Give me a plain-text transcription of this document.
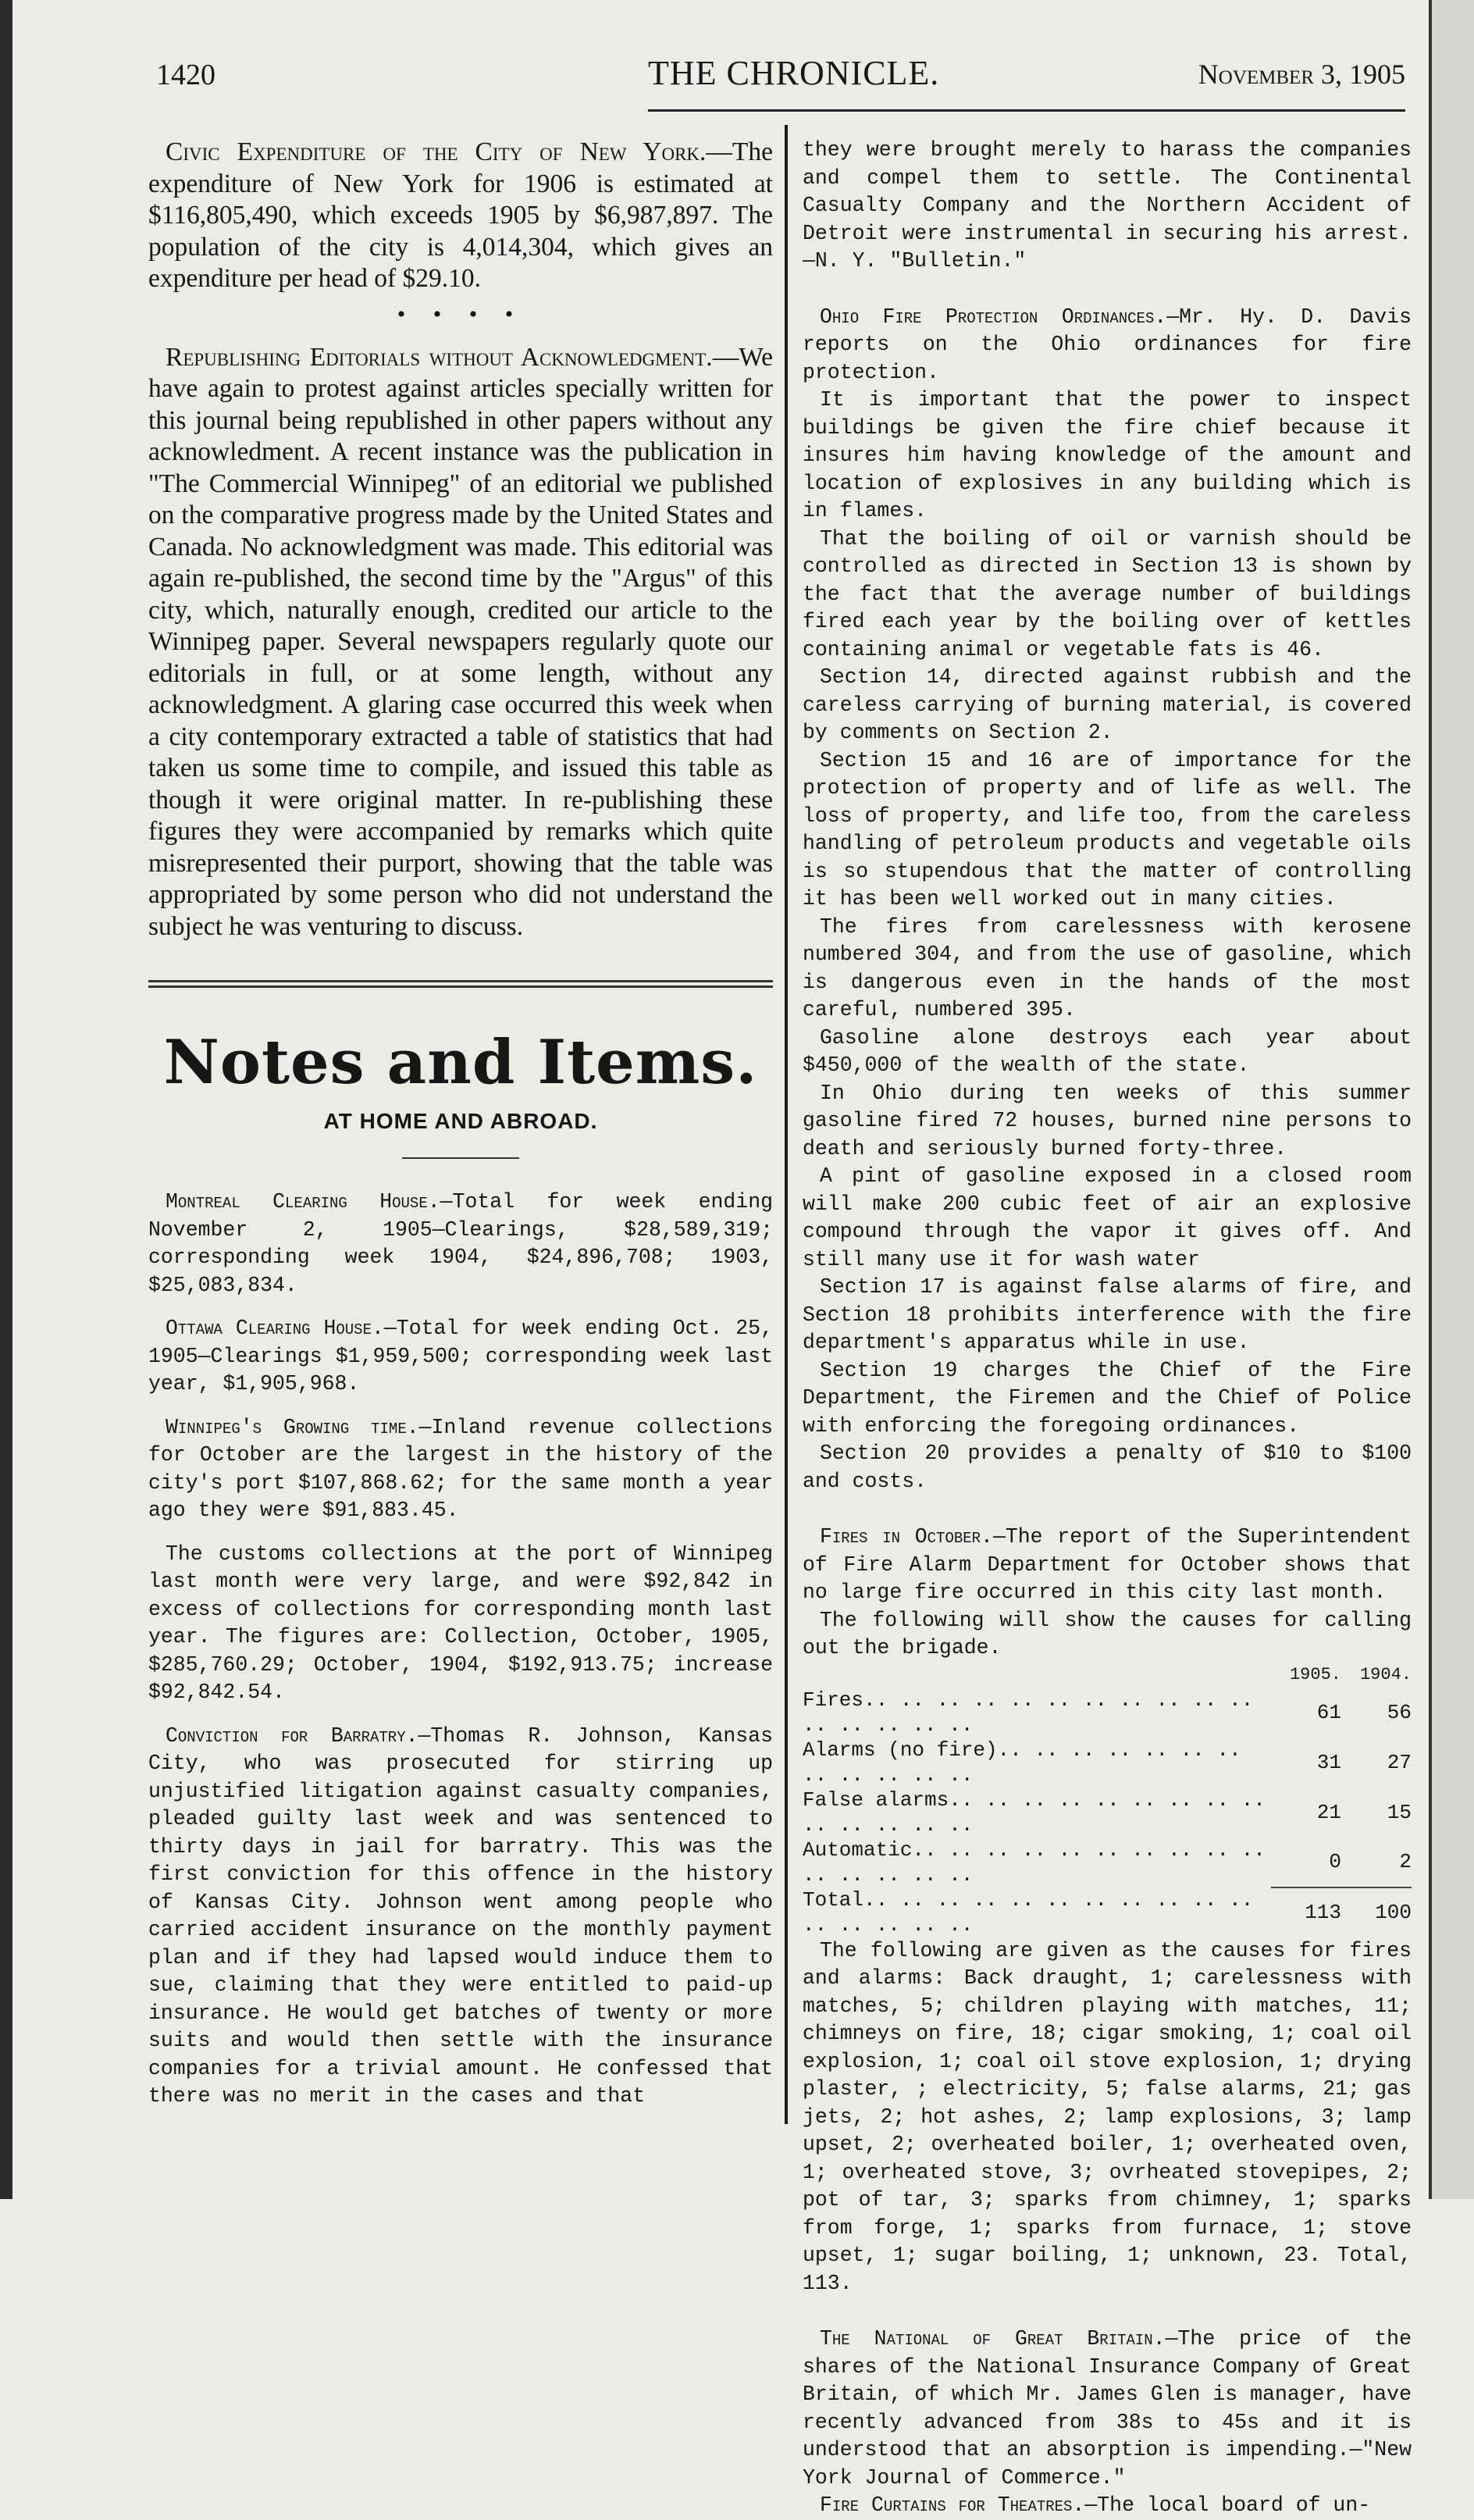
1420	THE CHRONICLE.	November 3, 1905

Civic Expenditure of the City of New York.—The expenditure of New York for 1906 is estimated at $116,805,490, which exceeds 1905 by $6,987,897. The population of the city is 4,014,304, which gives an expenditure per head of $29.10.

• • • •

Republishing Editorials without Acknowledgment.—We have again to protest against articles specially written for this journal being republished in other papers without any acknowledment. A recent instance was the publication in "The Commercial Winnipeg" of an editorial we published on the comparative progress made by the United States and Canada. No acknowledgment was made. This editorial was again re-published, the second time by the "Argus" of this city, which, naturally enough, credited our article to the Winnipeg paper. Several newspapers regularly quote our editorials in full, or at some length, without any acknowledgment. A glaring case occurred this week when a city contemporary extracted a table of statistics that had taken us some time to compile, and issued this table as though it were original matter. In re-publishing these figures they were accompanied by remarks which quite misrepresented their purport, showing that the table was appropriated by some person who did not understand the subject he was venturing to discuss.

Notes and Items.
AT HOME AND ABROAD.

Montreal Clearing House.—Total for week ending November 2, 1905—Clearings, $28,589,319; corresponding week 1904, $24,896,708; 1903, $25,083,834.

Ottawa Clearing House.—Total for week ending Oct. 25, 1905—Clearings $1,959,500; corresponding week last year, $1,905,968.

Winnipeg's Growing time.—Inland revenue collections for October are the largest in the history of the city's port $107,868.62; for the same month a year ago they were $91,883.45.

The customs collections at the port of Winnipeg last month were very large, and were $92,842 in excess of collections for corresponding month last year. The figures are: Collection, October, 1905, $285,760.29; October, 1904, $192,913.75; increase $92,842.54.

Conviction for Barratry.—Thomas R. Johnson, Kansas City, who was prosecuted for stirring up unjustified litigation against casualty companies, pleaded guilty last week and was sentenced to thirty days in jail for barratry. This was the first conviction for this offence in the history of Kansas City. Johnson went among people who carried accident insurance on the monthly payment plan and if they had lapsed would induce them to sue, claiming that they were entitled to paid-up insurance. He would get batches of twenty or more suits and would then settle with the insurance companies for a trivial amount. He confessed that there was no merit in the cases and that

they were brought merely to harass the companies and compel them to settle. The Continental Casualty Company and the Northern Accident of Detroit were instrumental in securing his arrest.—N. Y. "Bulletin."

Ohio Fire Protection Ordinances.—Mr. Hy. D. Davis reports on the Ohio ordinances for fire protection.

It is important that the power to inspect buildings be given the fire chief because it insures him having knowledge of the amount and location of explosives in any building which is in flames.

That the boiling of oil or varnish should be controlled as directed in Section 13 is shown by the fact that the average number of buildings fired each year by the boiling over of kettles containing animal or vegetable fats is 46.

Section 14, directed against rubbish and the careless carrying of burning material, is covered by comments on Section 2.

Section 15 and 16 are of importance for the protection of property and of life as well. The loss of property, and life too, from the careless handling of petroleum products and vegetable oils is so stupendous that the matter of controlling it has been well worked out in many cities.

The fires from carelessness with kerosene numbered 304, and from the use of gasoline, which is dangerous even in the hands of the most careful, numbered 395.

Gasoline alone destroys each year about $450,000 of the wealth of the state.

In Ohio during ten weeks of this summer gasoline fired 72 houses, burned nine persons to death and seriously burned forty-three.

A pint of gasoline exposed in a closed room will make 200 cubic feet of air an explosive compound through the vapor it gives off. And still many use it for wash water

Section 17 is against false alarms of fire, and Section 18 prohibits interference with the fire department's apparatus while in use.

Section 19 charges the Chief of the Fire Department, the Firemen and the Chief of Police with enforcing the foregoing ordinances.

Section 20 provides a penalty of $10 to $100 and costs.

Fires in October.—The report of the Superintendent of Fire Alarm Department for October shows that no large fire occurred in this city last month.

The following will show the causes for calling out the brigade.

	1905.	1904.
Fires.. .. .. .. .. .. .. .. .. .. .. .. .. .. .. ..	61	56
Alarms (no fire).. .. .. .. .. .. .. .. .. .. .. ..	31	27
False alarms.. .. .. .. .. .. .. .. .. .. .. .. .. ..	21	15
Automatic.. .. .. .. .. .. .. .. .. .. .. .. .. .. ..	0	2
Total.. .. .. .. .. .. .. .. .. .. .. .. .. .. .. ..	113	100

The following are given as the causes for fires and alarms: Back draught, 1; carelessness with matches, 5; children playing with matches, 11; chimneys on fire, 18; cigar smoking, 1; coal oil explosion, 1; coal oil stove explosion, 1; drying plaster, ; electricity, 5; false alarms, 21; gas jets, 2; hot ashes, 2; lamp explosions, 3; lamp upset, 2; overheated boiler, 1; overheated oven, 1; overheated stove, 3; ovrheated stovepipes, 2; pot of tar, 3; sparks from chimney, 1; sparks from forge, 1; sparks from furnace, 1; stove upset, 1; sugar boiling, 1; unknown, 23. Total, 113.

The National of Great Britain.—The price of the shares of the National Insurance Company of Great Britain, of which Mr. James Glen is manager, have recently advanced from 38s to 45s and it is understood that an absorption is impending.—"New York Journal of Commerce."

Fire Curtains for Theatres.—The local board of un-
